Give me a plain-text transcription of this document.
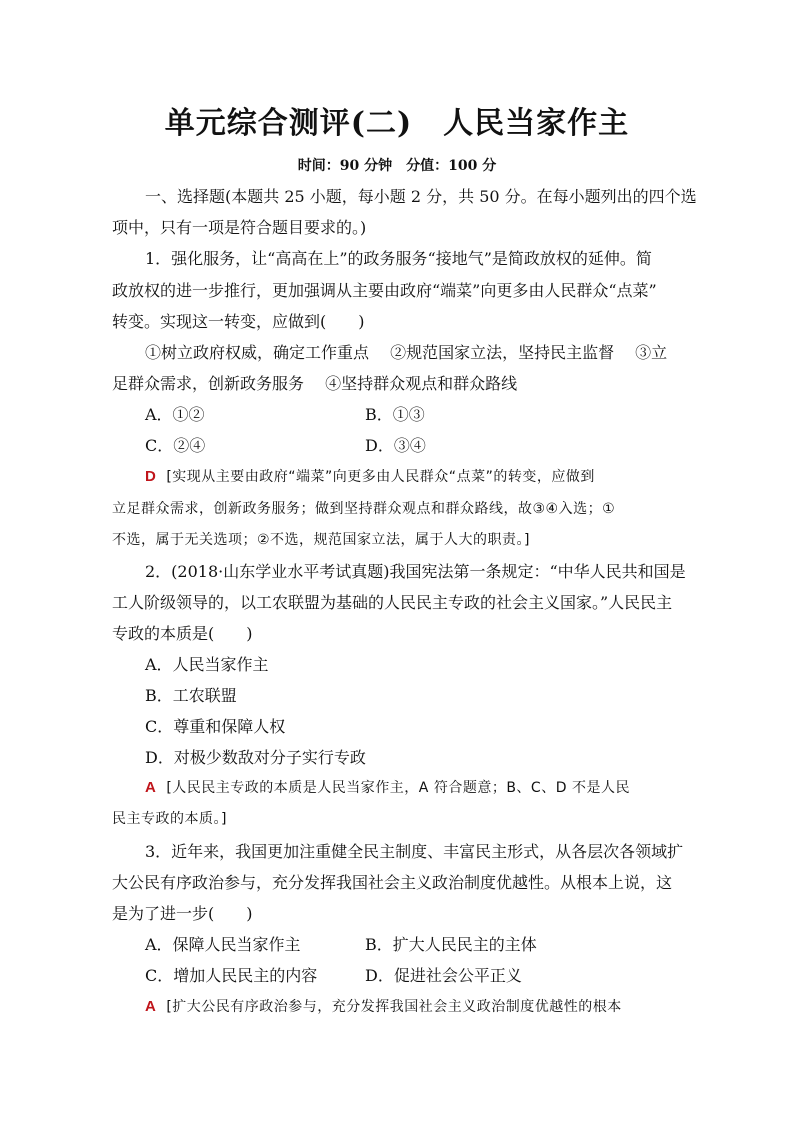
单元综合测评(二)　人民当家作主
时间：90 分钟　分值：100 分
一、选择题(本题共 25 小题，每小题 2 分，共 50 分。在每小题列出的四个选
项中，只有一项是符合题目要求的。)
1．强化服务，让“高高在上”的政务服务“接地气”是简政放权的延伸。简
政放权的进一步推行，更加强调从主要由政府“端菜”向更多由人民群众“点菜”
转变。实现这一转变，应做到(　　)
①树立政府权威，确定工作重点　 ②规范国家立法，坚持民主监督　 ③立
足群众需求，创新政务服务　 ④坚持群众观点和群众路线
A．①②	B．①③
C．②④	D．③④
D [实现从主要由政府“端菜”向更多由人民群众“点菜”的转变，应做到
立足群众需求，创新政务服务；做到坚持群众观点和群众路线，故③④入选；①
不选，属于无关选项；②不选，规范国家立法，属于人大的职责。]
2．(2018·山东学业水平考试真题)我国宪法第一条规定：“中华人民共和国是
工人阶级领导的，以工农联盟为基础的人民民主专政的社会主义国家。”人民民主
专政的本质是(　　)
A．人民当家作主
B．工农联盟
C．尊重和保障人权
D．对极少数敌对分子实行专政
A [人民民主专政的本质是人民当家作主，A 符合题意；B、C、D 不是人民
民主专政的本质。]
3．近年来，我国更加注重健全民主制度、丰富民主形式，从各层次各领域扩
大公民有序政治参与，充分发挥我国社会主义政治制度优越性。从根本上说，这
是为了进一步(　　)
A．保障人民当家作主	B．扩大人民民主的主体
C．增加人民民主的内容	D．促进社会公平正义
A [扩大公民有序政治参与，充分发挥我国社会主义政治制度优越性的根本
